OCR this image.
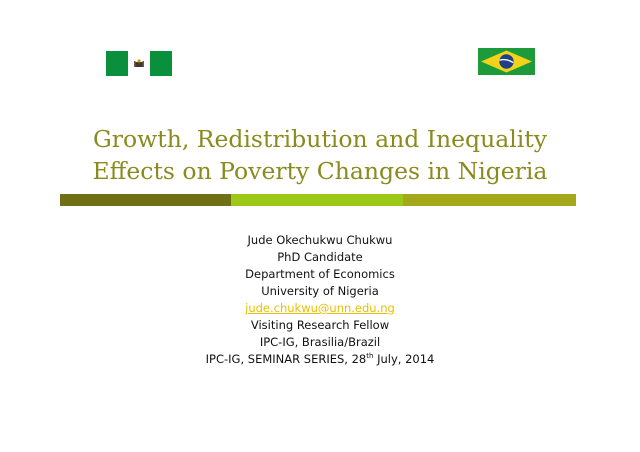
Growth, Redistribution and Inequality
Effects on Poverty Changes in Nigeria
Jude Okechukwu Chukwu
PhD Candidate
Department of Economics
University of Nigeria
jude.chukwu@unn.edu.ng
Visiting Research Fellow
IPC-IG, Brasilia/Brazil
IPC-IG, SEMINAR SERIES, 28th July, 2014
